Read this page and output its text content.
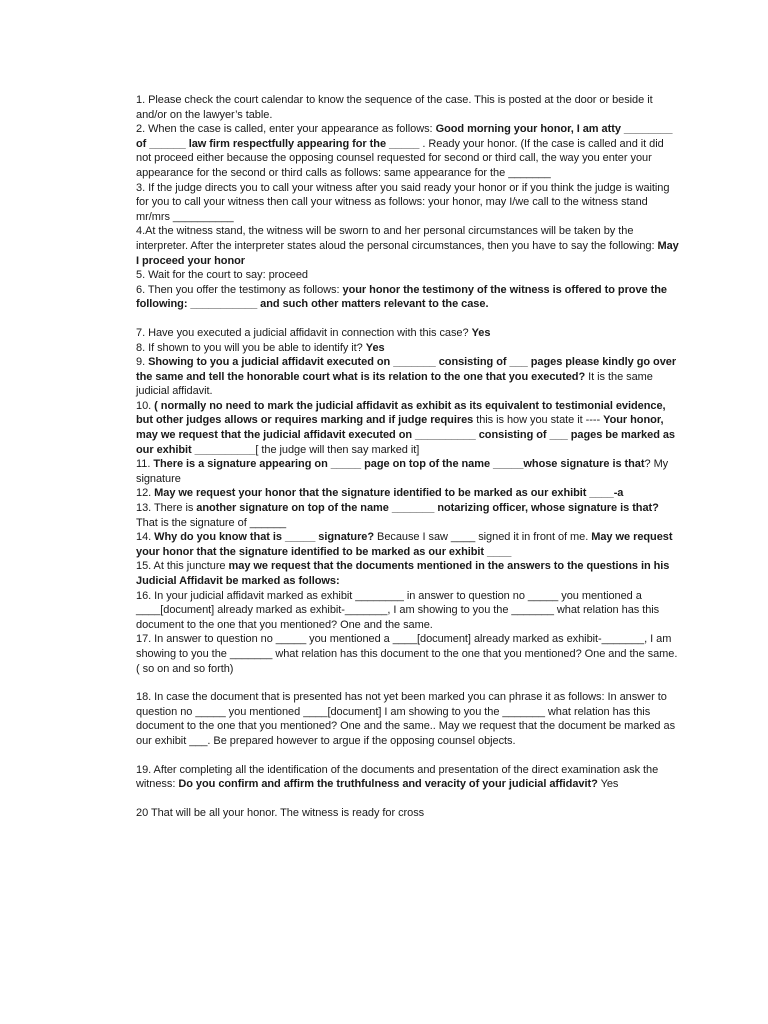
1. Please check the court calendar to know the sequence of the case. This is posted at the door or beside it and/or on the lawyer’s table.

2. When the case is called, enter your appearance as follows: Good morning your honor, I am atty ________ of ______ law firm respectfully appearing for the _____ . Ready your honor. (If the case is called and it did not proceed either because the opposing counsel requested for second or third call, the way you enter your appearance for the second or third calls as follows: same appearance for the _______

3. If the judge directs you to call your witness after you said ready your honor or if you think the judge is waiting for you to call your witness then call your witness as follows: your honor, may I/we call to the witness stand mr/mrs __________

4.At the witness stand, the witness will be sworn to and her personal circumstances will be taken by the interpreter. After the interpreter states aloud the personal circumstances, then you have to say the following: May I proceed your honor

5. Wait for the court to say: proceed

6. Then you offer the testimony as follows: your honor the testimony of the witness is offered to prove the following: ___________ and such other matters relevant to the case.

7. Have you executed a judicial affidavit in connection with this case? Yes

8. If shown to you will you be able to identify it? Yes

9. Showing to you a judicial affidavit executed on _______ consisting of ___ pages please kindly go over the same and tell the honorable court what is its relation to the one that you executed? It is the same judicial affidavit.

10. ( normally no need to mark the judicial affidavit as exhibit as its equivalent to testimonial evidence, but other judges allows or requires marking and if judge requires this is how you state it ---- Your honor, may we request that the judicial affidavit executed on __________ consisting of ___ pages be marked as our exhibit __________[ the judge will then say marked it]

11. There is a signature appearing on _____ page on top of the name _____whose signature is that? My signature

12. May we request your honor that the signature identified to be marked as our exhibit ____-a

13. There is another signature on top of the name _______ notarizing officer, whose signature is that? That is the signature of ______

14. Why do you know that is _____ signature? Because I saw ____ signed it in front of me. May we request your honor that the signature identified to be marked as our exhibit ____

15. At this juncture may we request that the documents mentioned in the answers to the questions in his Judicial Affidavit be marked as follows:

16. In your judicial affidavit marked as exhibit ________ in answer to question no _____ you mentioned a ____[document] already marked as exhibit-_______, I am showing to you the _______ what relation has this document to the one that you mentioned? One and the same.

17. In answer to question no _____ you mentioned a ____[document] already marked as exhibit-_______, I am showing to you the _______ what relation has this document to the one that you mentioned? One and the same. ( so on and so forth)

18. In case the document that is presented has not yet been marked you can phrase it as follows: In answer to question no _____ you mentioned ____[document] I am showing to you the _______ what relation has this document to the one that you mentioned? One and the same.. May we request that the document be marked as our exhibit ___. Be prepared however to argue if the opposing counsel objects.

19. After completing all the identification of the documents and presentation of the direct examination ask the witness: Do you confirm and affirm the truthfulness and veracity of your judicial affidavit? Yes

20 That will be all your honor. The witness is ready for cross
